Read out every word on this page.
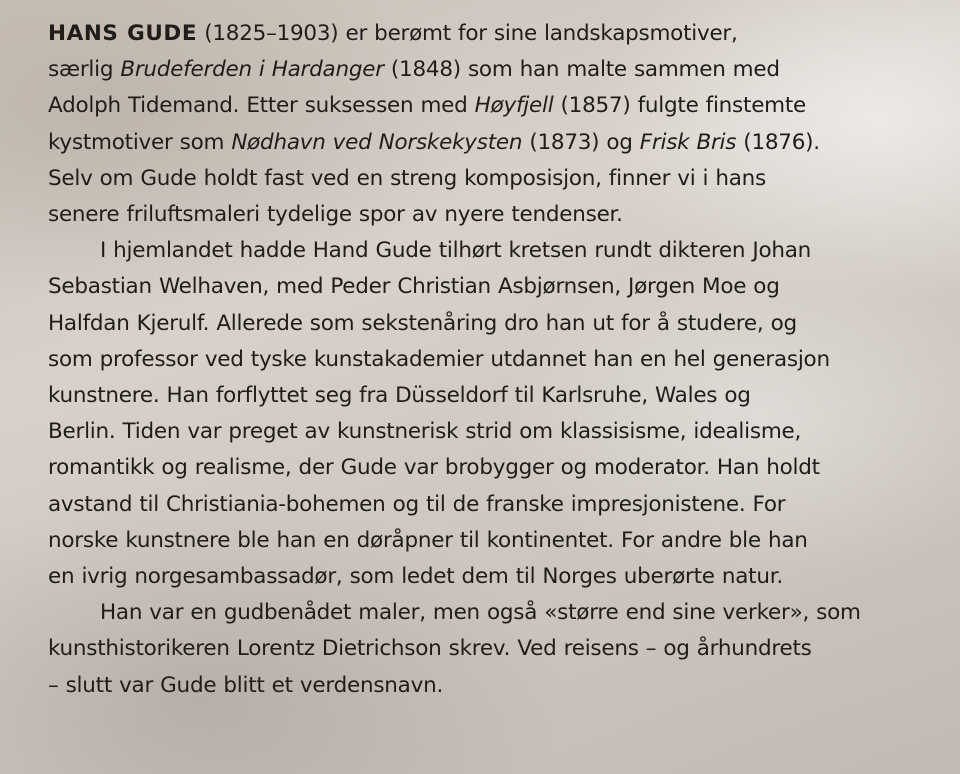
HANS GUDE (1825–1903) er berømt for sine landskapsmotiver,
særlig Brudeferden i Hardanger (1848) som han malte sammen med
Adolph Tidemand. Etter suksessen med Høyfjell (1857) fulgte finstemte
kystmotiver som Nødhavn ved Norskekysten (1873) og Frisk Bris (1876).
Selv om Gude holdt fast ved en streng komposisjon, finner vi i hans
senere friluftsmaleri tydelige spor av nyere tendenser.

I hjemlandet hadde Hand Gude tilhørt kretsen rundt dikteren Johan
Sebastian Welhaven, med Peder Christian Asbjørnsen, Jørgen Moe og
Halfdan Kjerulf. Allerede som sekstenåring dro han ut for å studere, og
som professor ved tyske kunstakademier utdannet han en hel generasjon
kunstnere. Han forflyttet seg fra Düsseldorf til Karlsruhe, Wales og
Berlin. Tiden var preget av kunstnerisk strid om klassisisme, idealisme,
romantikk og realisme, der Gude var brobygger og moderator. Han holdt
avstand til Christiania-bohemen og til de franske impresjonistene. For
norske kunstnere ble han en døråpner til kontinentet. For andre ble han
en ivrig norgesambassadør, som ledet dem til Norges uberørte natur.

Han var en gudbenådet maler, men også «større end sine verker», som
kunsthistorikeren Lorentz Dietrichson skrev. Ved reisens – og århundrets
– slutt var Gude blitt et verdensnavn.
